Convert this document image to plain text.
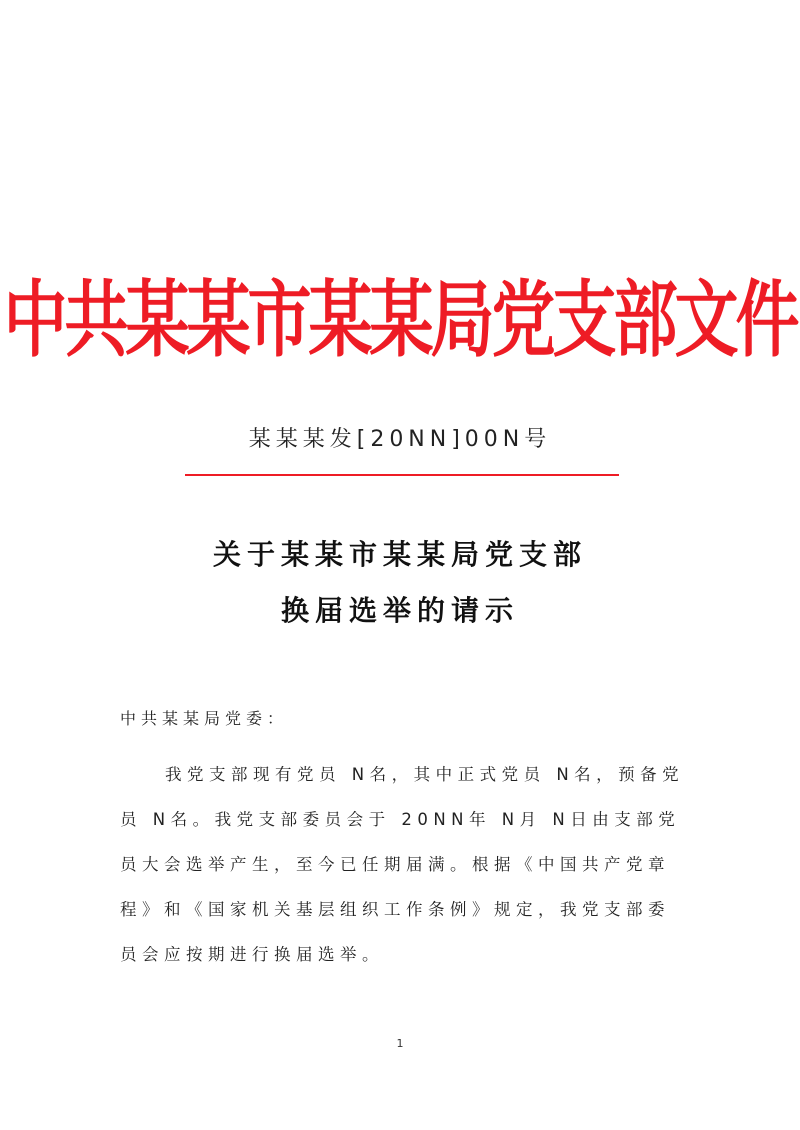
中共某某市某某局党支部文件
某某某发[20NN]00N号
关于某某市某某局党支部
换届选举的请示
中共某某局党委：
我党支部现有党员 N名，其中正式党员 N名，预备党
员 N名。我党支部委员会于 20NN年 N月 N日由支部党
员大会选举产生，至今已任期届满。根据《中国共产党章
程》和《国家机关基层组织工作条例》规定，我党支部委
员会应按期进行换届选举。
1
